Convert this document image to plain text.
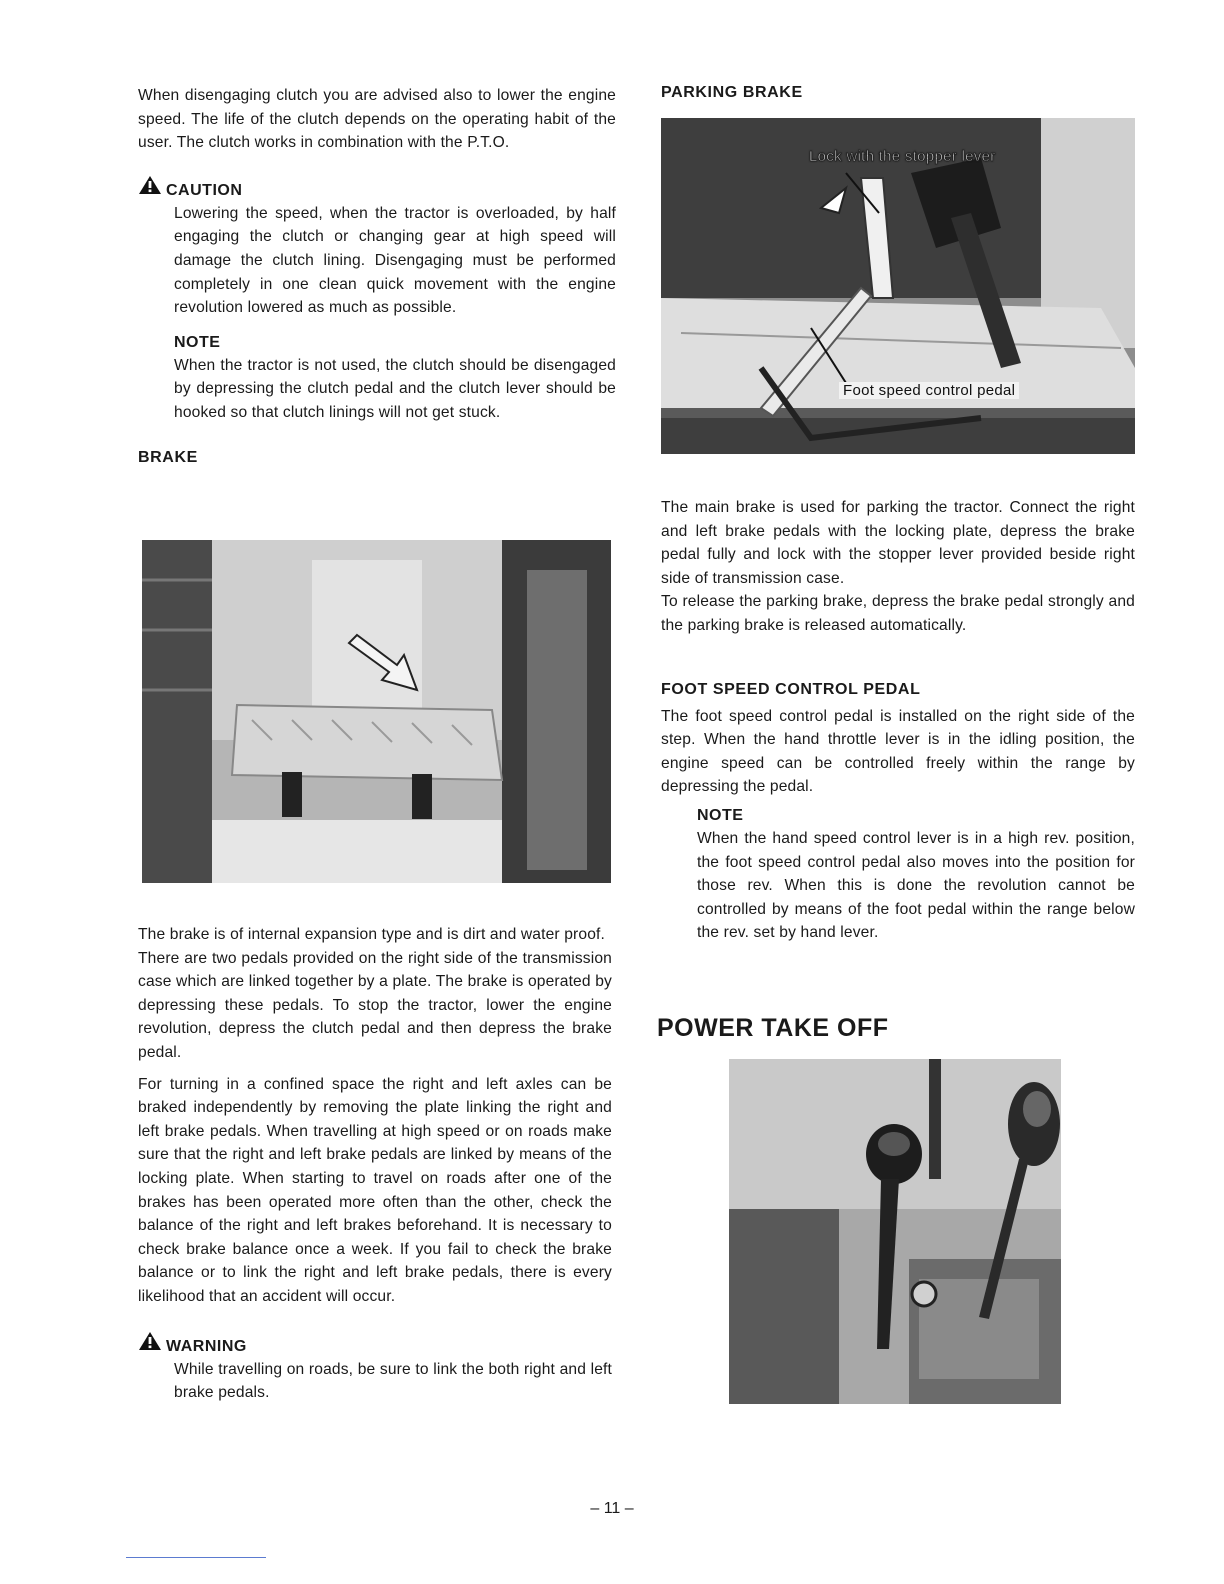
When disengaging clutch you are advised also to lower the engine speed. The life of the clutch depends on the operating habit of the user. The clutch works in combination with the P.T.O.

CAUTION

Lowering the speed, when the tractor is overloaded, by half engaging the clutch or changing gear at high speed will damage the clutch lining. Disengaging must be performed completely in one clean quick movement with the engine revolution lowered as much as possible.

NOTE

When the tractor is not used, the clutch should be disengaged by depressing the clutch pedal and the clutch lever should be hooked so that clutch linings will not get stuck.

BRAKE

The brake is of internal expansion type and is dirt and water proof.

There are two pedals provided on the right side of the transmission case which are linked together by a plate. The brake is operated by depressing these pedals. To stop the tractor, lower the engine revolution, depress the clutch pedal and then depress the brake pedal.

For turning in a confined space the right and left axles can be braked independently by removing the plate linking the right and left brake pedals. When travelling at high speed or on roads make sure that the right and left brake pedals are linked by means of the locking plate. When starting to travel on roads after one of the brakes has been operated more often than the other, check the balance of the right and left brakes beforehand. It is necessary to check brake balance once a week. If you fail to check the brake balance or to link the right and left brake pedals, there is every likelihood that an accident will occur.

WARNING

While travelling on roads, be sure to link the both right and left brake pedals.

PARKING BRAKE
Lock with the stopper lever
Foot speed control pedal

The main brake is used for parking the tractor. Connect the right and left brake pedals with the locking plate, depress the brake pedal fully and lock with the stopper lever provided beside right side of transmission case.

To release the parking brake, depress the brake pedal strongly and the parking brake is released automatically.

FOOT SPEED CONTROL PEDAL

The foot speed control pedal is installed on the right side of the step. When the hand throttle lever is in the idling position, the engine speed can be controlled freely within the range by depressing the pedal.

NOTE

When the hand speed control lever is in a high rev. position, the foot speed control pedal also moves into the position for those rev. When this is done the revolution cannot be controlled by means of the foot pedal within the range below the rev. set by hand lever.

POWER TAKE OFF
– 11 –
